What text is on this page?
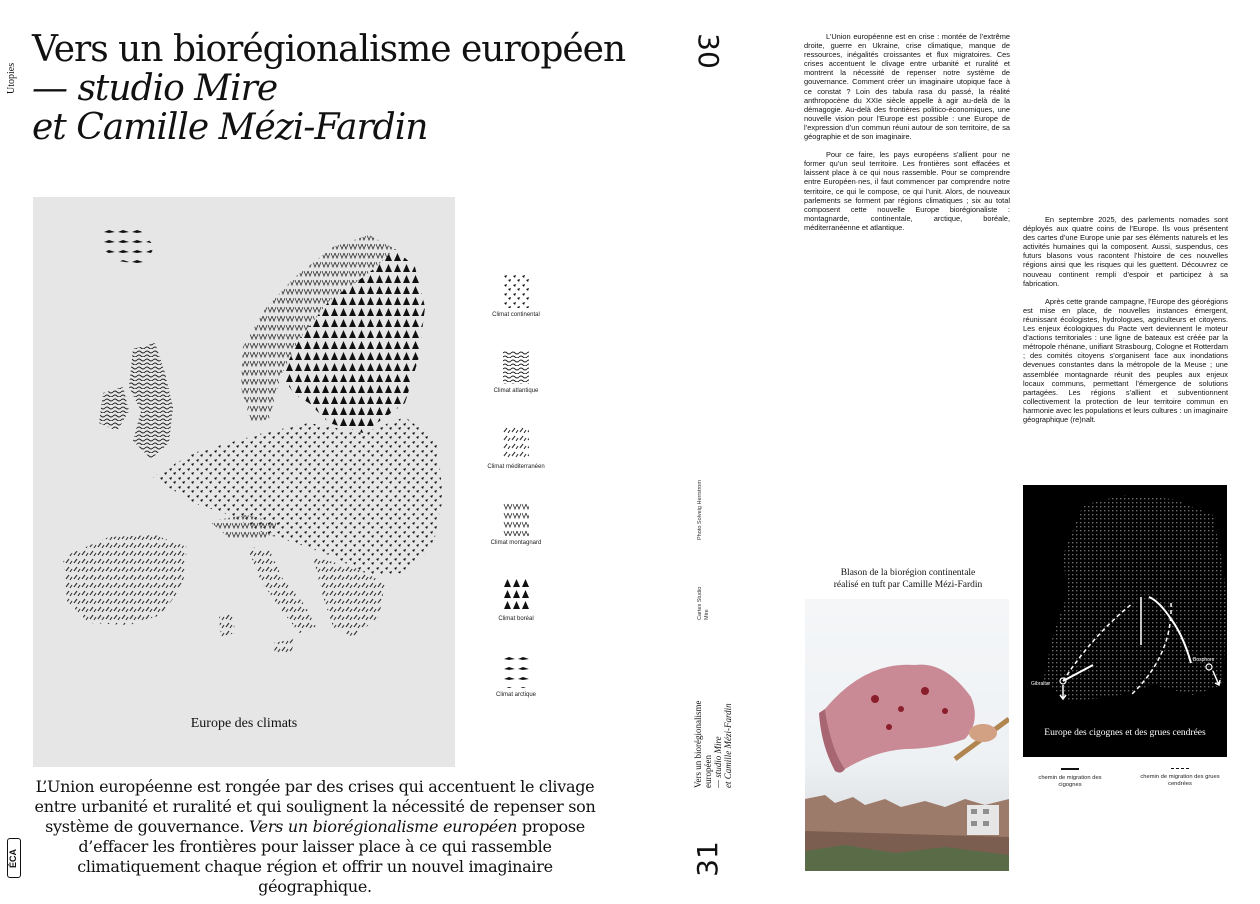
Utopies
Vers un biorégionalisme européen
— studio Mire
et Camille Mézi-Fardin
Europe des climats
Climat continental
Climat atlantique
Climat méditerranéen
Climat montagnard
Climat boréal
Climat arctique

L’Union européenne est rongée par des crises qui accentuent le clivage entre urbanité et ruralité et qui soulignent la nécessité de repenser son système de gouvernance. Vers un biorégionalisme européen propose d’effacer les frontières pour laisser place à ce qui rassemble climatiquement chaque région et offrir un nouvel imaginaire géographique.

ÉCA
30
Photo Solveig Herrstrom
Cartes Studio Mire
Vers un biorégionalisme européen
— studio Mire
et Camille Mézi-Fardin
31

L’Union européenne est en crise : montée de l’extrême droite, guerre en Ukraine, crise climatique, manque de ressources, inégalités croissantes et flux migratoires. Ces crises accentuent le clivage entre urbanité et ruralité et montrent la nécessité de repenser notre système de gouvernance. Comment créer un imaginaire utopique face à ce constat ? Loin des tabula rasa du passé, la réalité anthropocène du XXIe siècle appelle à agir au-delà de la démagogie. Au-delà des frontières politico-économiques, une nouvelle vision pour l’Europe est possible : une Europe de l’expression d’un commun réuni autour de son territoire, de sa géographie et de son imaginaire.

Pour ce faire, les pays européens s’allient pour ne former qu’un seul territoire. Les frontières sont effacées et laissent place à ce qui nous rassemble. Pour se comprendre entre Européen·nes, il faut commencer par comprendre notre territoire, ce qui le compose, ce qui l’unit. Alors, de nouveaux parlements se forment par régions climatiques ; six au total composent cette nouvelle Europe biorégionaliste : montagnarde, continentale, arctique, boréale, méditerranéenne et atlantique.

En septembre 2025, des parlements nomades sont déployés aux quatre coins de l’Europe. Ils vous présentent des cartes d’une Europe unie par ses éléments naturels et les activités humaines qui la composent. Aussi, suspendus, ces futurs blasons vous racontent l’histoire de ces nouvelles régions ainsi que les risques qui les guettent. Découvrez ce nouveau continent rempli d’espoir et participez à sa fabrication.

Après cette grande campagne, l’Europe des géorégions est mise en place, de nouvelles instances émergent, réunissant écologistes, hydrologues, agriculteurs et citoyens. Les enjeux écologiques du Pacte vert deviennent le moteur d’actions territoriales : une ligne de bateaux est créée par la métropole rhénane, unifiant Strasbourg, Cologne et Rotterdam ; des comités citoyens s’organisent face aux inondations devenues constantes dans la métropole de la Meuse ; une assemblée montagnarde réunit des peuples aux enjeux locaux communs, permettant l’émergence de solutions partagées. Les régions s’allient et subventionnent collectivement la protection de leur territoire commun en harmonie avec les populations et leurs cultures : un imaginaire géographique (re)nalt.

Blason de la biorégion continentale
réalisé en tuft par Camille Mézi-Fardin
Gibraltar
Bosphore
Europe des cigognes et des grues cendrées
chemin de migration des cigognes
chemin de migration des grues cendrées
